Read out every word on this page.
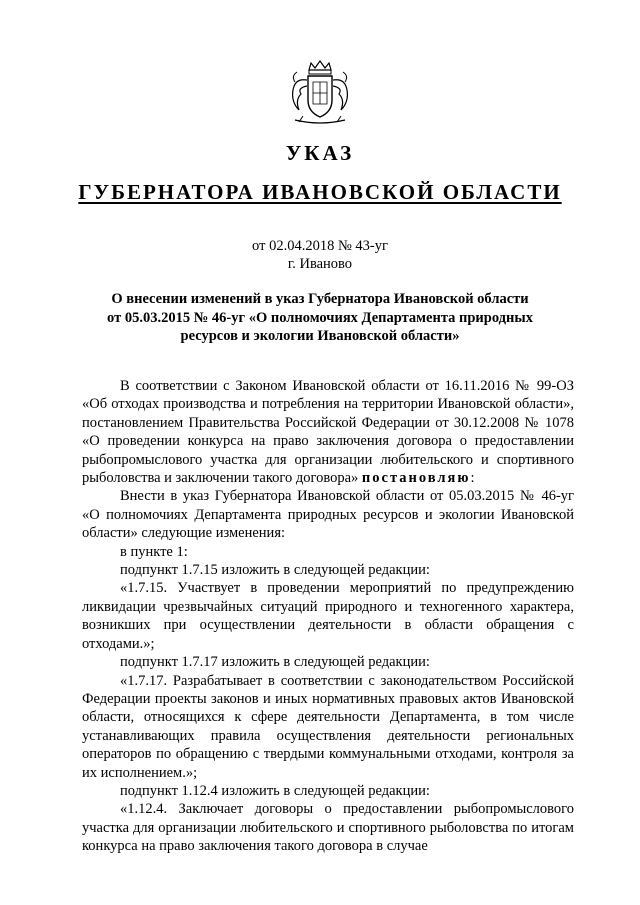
УКАЗ
ГУБЕРНАТОРА ИВАНОВСКОЙ ОБЛАСТИ
от 02.04.2018 № 43-уг
г. Иваново
О внесении изменений в указ Губернатора Ивановской области
от 05.03.2015 № 46-уг «О полномочиях Департамента природных
ресурсов и экологии Ивановской области»

В соответствии с Законом Ивановской области от 16.11.2016 № 99-ОЗ «Об отходах производства и потребления на территории Ивановской области», постановлением Правительства Российской Федерации от 30.12.2008 № 1078 «О проведении конкурса на право заключения договора о предоставлении рыбопромыслового участка для организации любительского и спортивного рыболовства и заключении такого договора» постановляю:

Внести в указ Губернатора Ивановской области от 05.03.2015 № 46-уг «О полномочиях Департамента природных ресурсов и экологии Ивановской области» следующие изменения:

в пункте 1:

подпункт 1.7.15 изложить в следующей редакции:

«1.7.15. Участвует в проведении мероприятий по предупреждению ликвидации чрезвычайных ситуаций природного и техногенного характера, возникших при осуществлении деятельности в области обращения с отходами.»;

подпункт 1.7.17 изложить в следующей редакции:

«1.7.17. Разрабатывает в соответствии с законодательством Российской Федерации проекты законов и иных нормативных правовых актов Ивановской области, относящихся к сфере деятельности Департамента, в том числе устанавливающих правила осуществления деятельности региональных операторов по обращению с твердыми коммунальными отходами, контроля за их исполнением.»;

подпункт 1.12.4 изложить в следующей редакции:

«1.12.4. Заключает договоры о предоставлении рыбопромыслового участка для организации любительского и спортивного рыболовства по итогам конкурса на право заключения такого договора в случае
